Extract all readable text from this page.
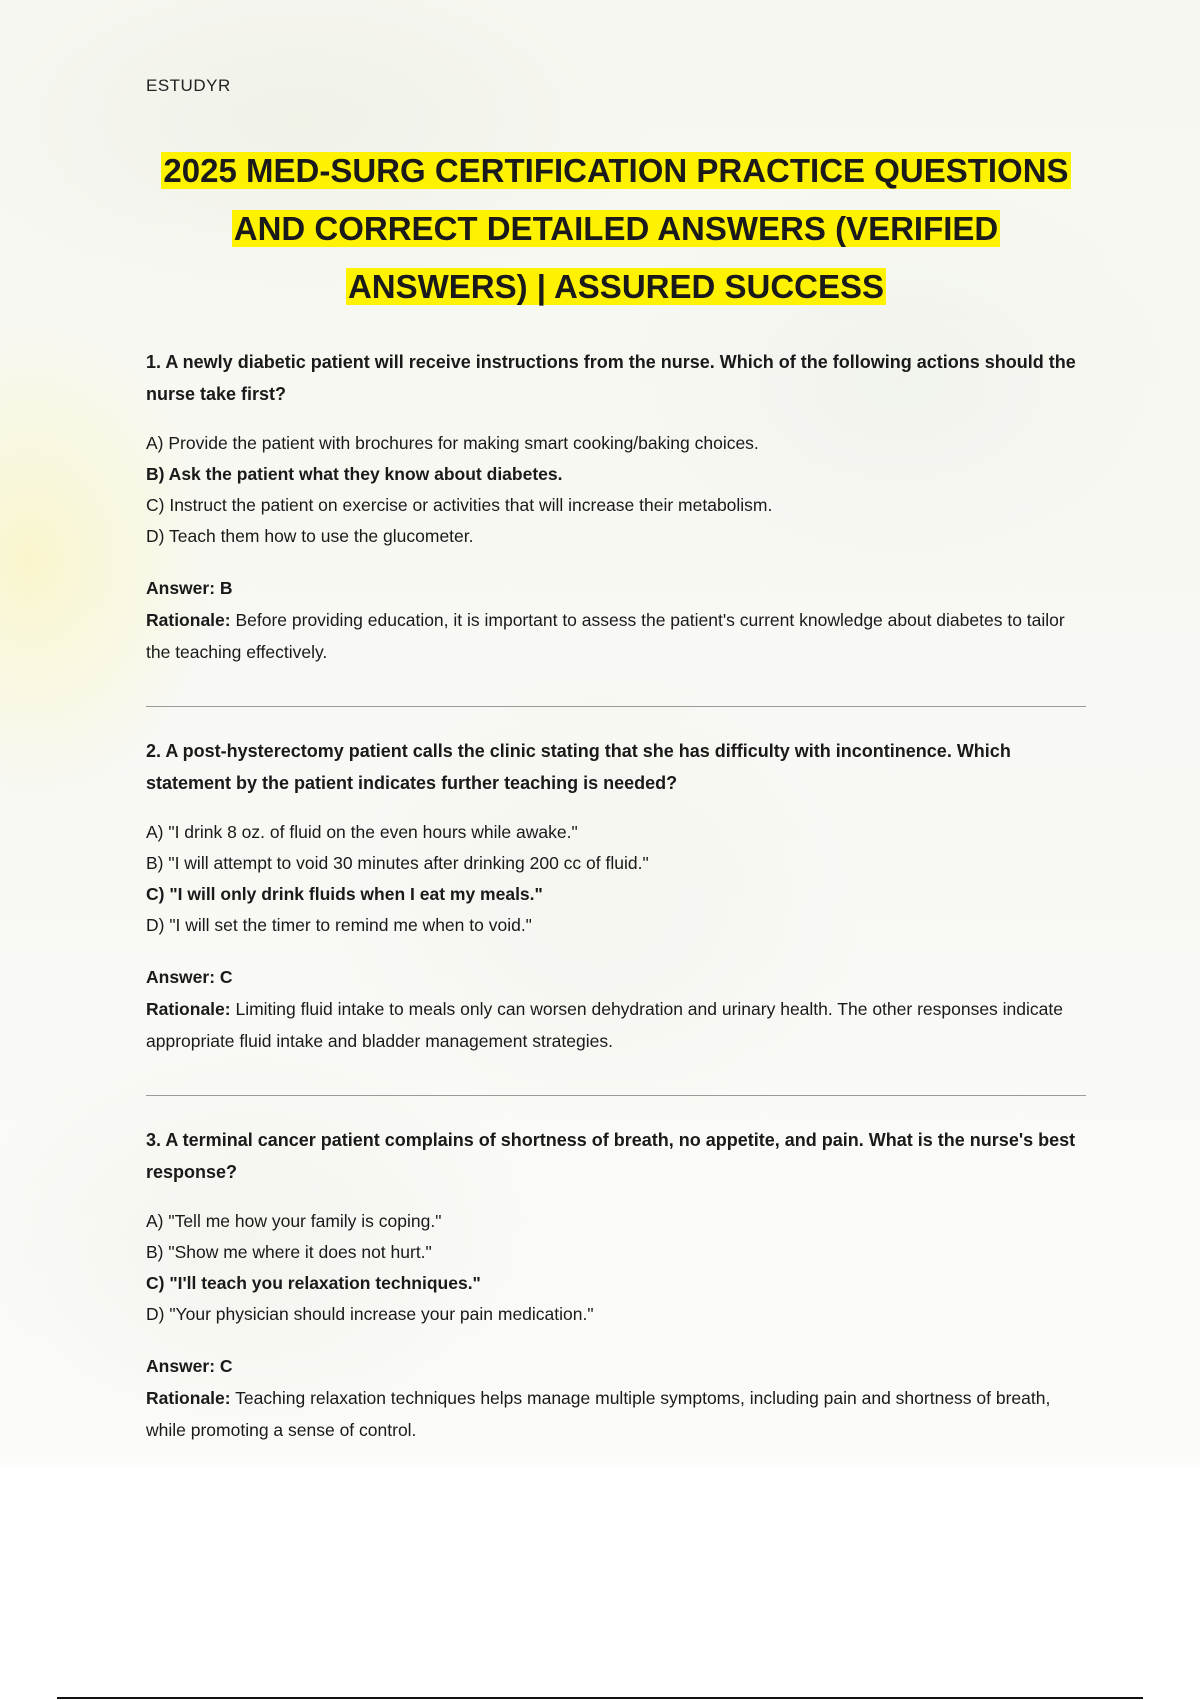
ESTUDYR
2025 MED-SURG CERTIFICATION PRACTICE QUESTIONS
AND CORRECT DETAILED ANSWERS (VERIFIED
ANSWERS) | ASSURED SUCCESS

1. A newly diabetic patient will receive instructions from the nurse. Which of the following actions should the nurse take first?

A) Provide the patient with brochures for making smart cooking/baking choices.
B) Ask the patient what they know about diabetes.
C) Instruct the patient on exercise or activities that will increase their metabolism.
D) Teach them how to use the glucometer.
Answer: B

Rationale: Before providing education, it is important to assess the patient's current knowledge about diabetes to tailor the teaching effectively.

2. A post-hysterectomy patient calls the clinic stating that she has difficulty with incontinence. Which statement by the patient indicates further teaching is needed?

A) "I drink 8 oz. of fluid on the even hours while awake."
B) "I will attempt to void 30 minutes after drinking 200 cc of fluid."
C) "I will only drink fluids when I eat my meals."
D) "I will set the timer to remind me when to void."
Answer: C

Rationale: Limiting fluid intake to meals only can worsen dehydration and urinary health. The other responses indicate appropriate fluid intake and bladder management strategies.

3. A terminal cancer patient complains of shortness of breath, no appetite, and pain. What is the nurse's best response?

A) "Tell me how your family is coping."
B) "Show me where it does not hurt."
C) "I'll teach you relaxation techniques."
D) "Your physician should increase your pain medication."
Answer: C

Rationale: Teaching relaxation techniques helps manage multiple symptoms, including pain and shortness of breath, while promoting a sense of control.
